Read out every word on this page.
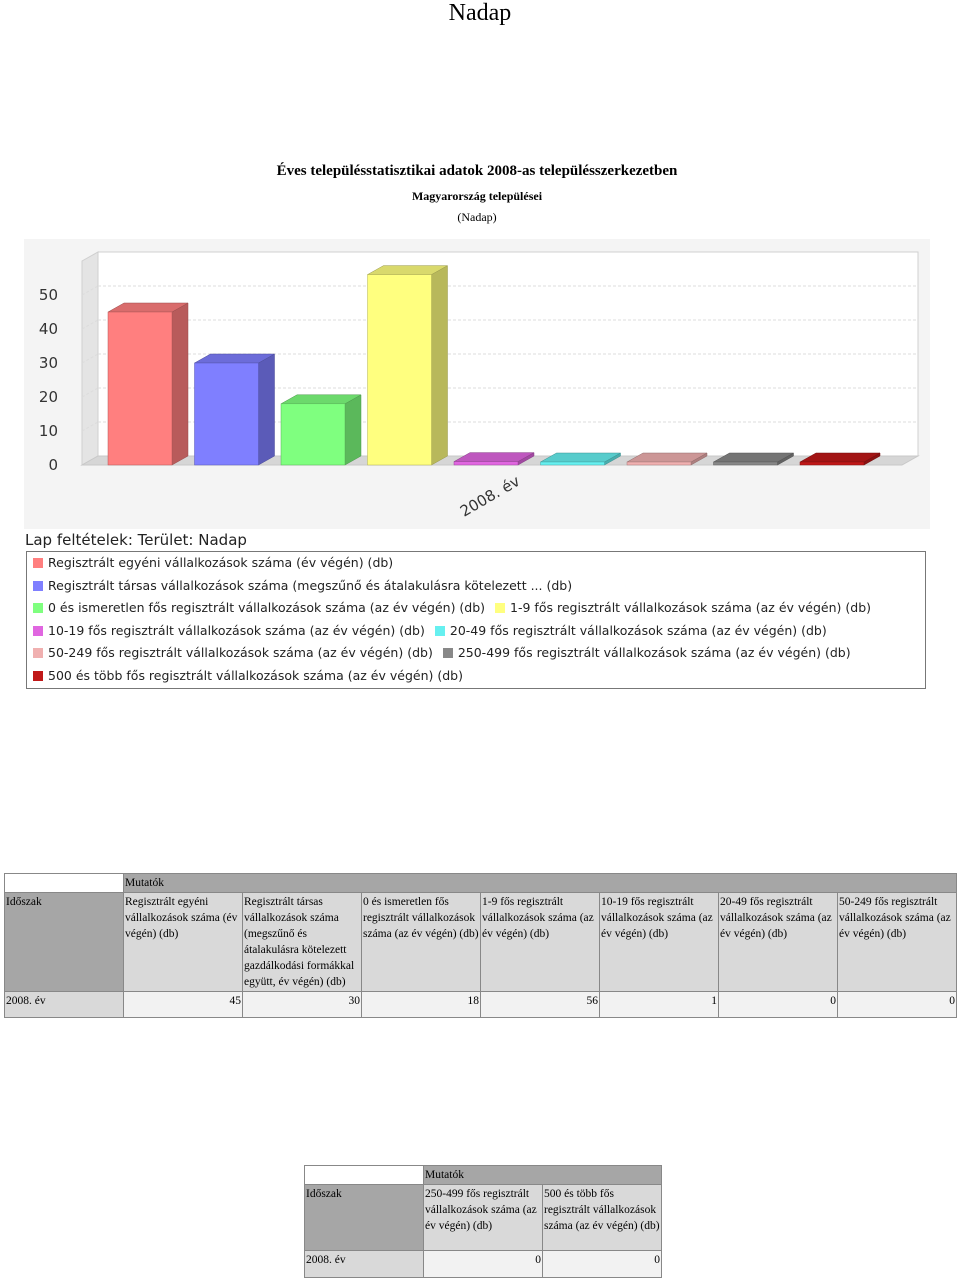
Nadap
Éves településstatisztikai adatok 2008-as településszerkezetben
Magyarország települései
(Nadap)
0
10
20
30
40
50
2008. év
Lap feltételek: Terület: Nadap
Regisztrált egyéni vállalkozások száma (év végén) (db)
Regisztrált társas vállalkozások száma (megszűnő és átalakulásra kötelezett ... (db)
0 és ismeretlen fős regisztrált vállalkozások száma (az év végén) (db) 1-9 fős regisztrált vállalkozások száma (az év végén) (db)
10-19 fős regisztrált vállalkozások száma (az év végén) (db) 20-49 fős regisztrált vállalkozások száma (az év végén) (db)
50-249 fős regisztrált vállalkozások száma (az év végén) (db) 250-499 fős regisztrált vállalkozások száma (az év végén) (db)
500 és több fős regisztrált vállalkozások száma (az év végén) (db)
	Mutatók						
Időszak	Regisztrált egyéni vállalkozások száma (év végén) (db)	Regisztrált társas vállalkozások száma (megszűnő és átalakulásra kötelezett gazdálkodási formákkal együtt, év végén) (db)	0 és ismeretlen fős regisztrált vállalkozások száma (az év végén) (db)	1-9 fős regisztrált vállalkozások száma (az év végén) (db)	10-19 fős regisztrált vállalkozások száma (az év végén) (db)	20-49 fős regisztrált vállalkozások száma (az év végén) (db)	50-249 fős regisztrált vállalkozások száma (az év végén) (db)
2008. év	45	30	18	56	1	0	0
	Mutatók	
Időszak	250-499 fős regisztrált vállalkozások száma (az év végén) (db)	500 és több fős regisztrált vállalkozások száma (az év végén) (db)
2008. év	0	0
